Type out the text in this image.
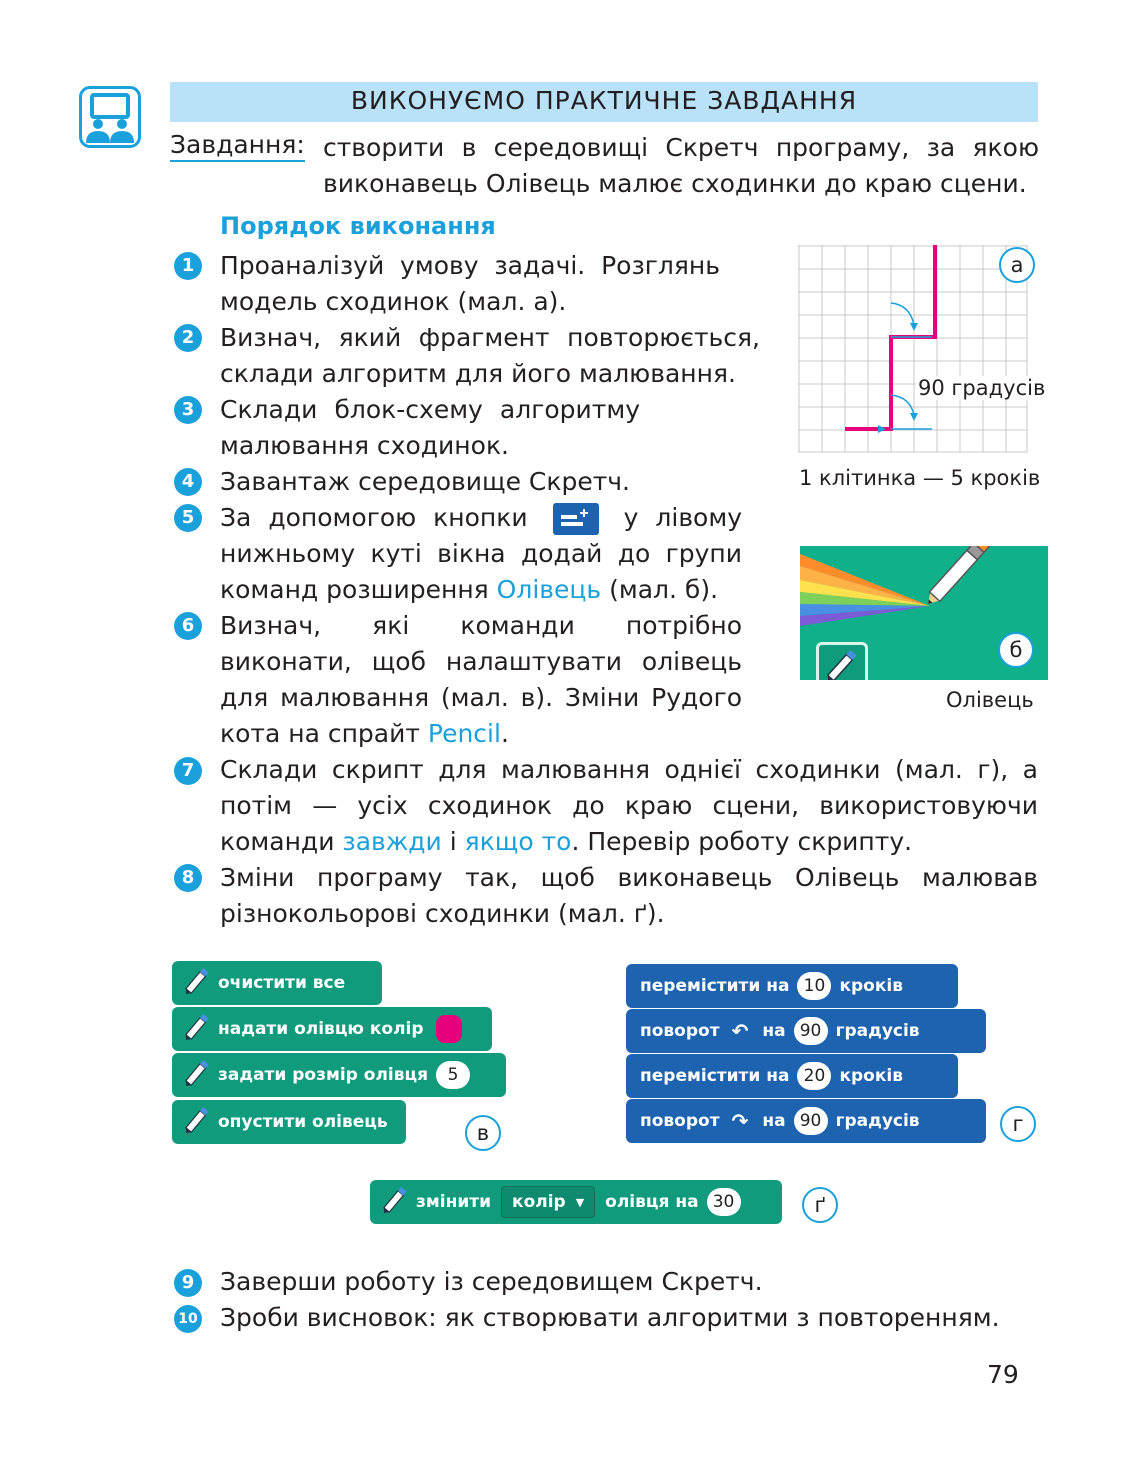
ВИКОНУЄМО ПРАКТИЧНЕ ЗАВДАННЯ
Завдання: створити в середовищі Скретч програму, за якою виконавець Олівець малює сходинки до краю сцени.
Порядок виконання
1	Проаналізуй умову задачі. Розглянь модель сходинок (мал. а).
2	Визнач, який фрагмент повторюється, склади алгоритм для його малювання.
3	Склади блок-схему алгоритму малювання сходинок.
4	Завантаж середовище Скретч.
5	За допомогою кнопки	у лівому нижньому куті вікна додай до групи команд розширення Олівець (мал. б).
6	Визнач, які команди потрібно виконати, щоб налаштувати олівець для малювання (мал. в). Зміни Рудого кота на спрайт Pencil.
7	Склади скрипт для малювання однієї сходинки (мал. г), а потім — усіх сходинок до краю сцени, використовуючи команди завжди і якщо то. Перевір роботу скрипту.
8	Зміни програму так, щоб виконавець Олівець малював різнокольорові сходинки (мал. ґ).
90 градусів
а
1 клітинка — 5 кроків
б
Олівець
очистити все
надати олівцю колір
задати розмір олівця	5
опустити олівець	в
перемістити на 10 кроків
поворот ↶ на 90 градусів
перемістити на 20 кроків
поворот ↷ на 90 градусів	г
змінити колір ▼ олівця на 30	ґ
9	Заверши роботу із середовищем Скретч.
10 Зроби висновок: як створювати алгоритми з повторенням.
79
